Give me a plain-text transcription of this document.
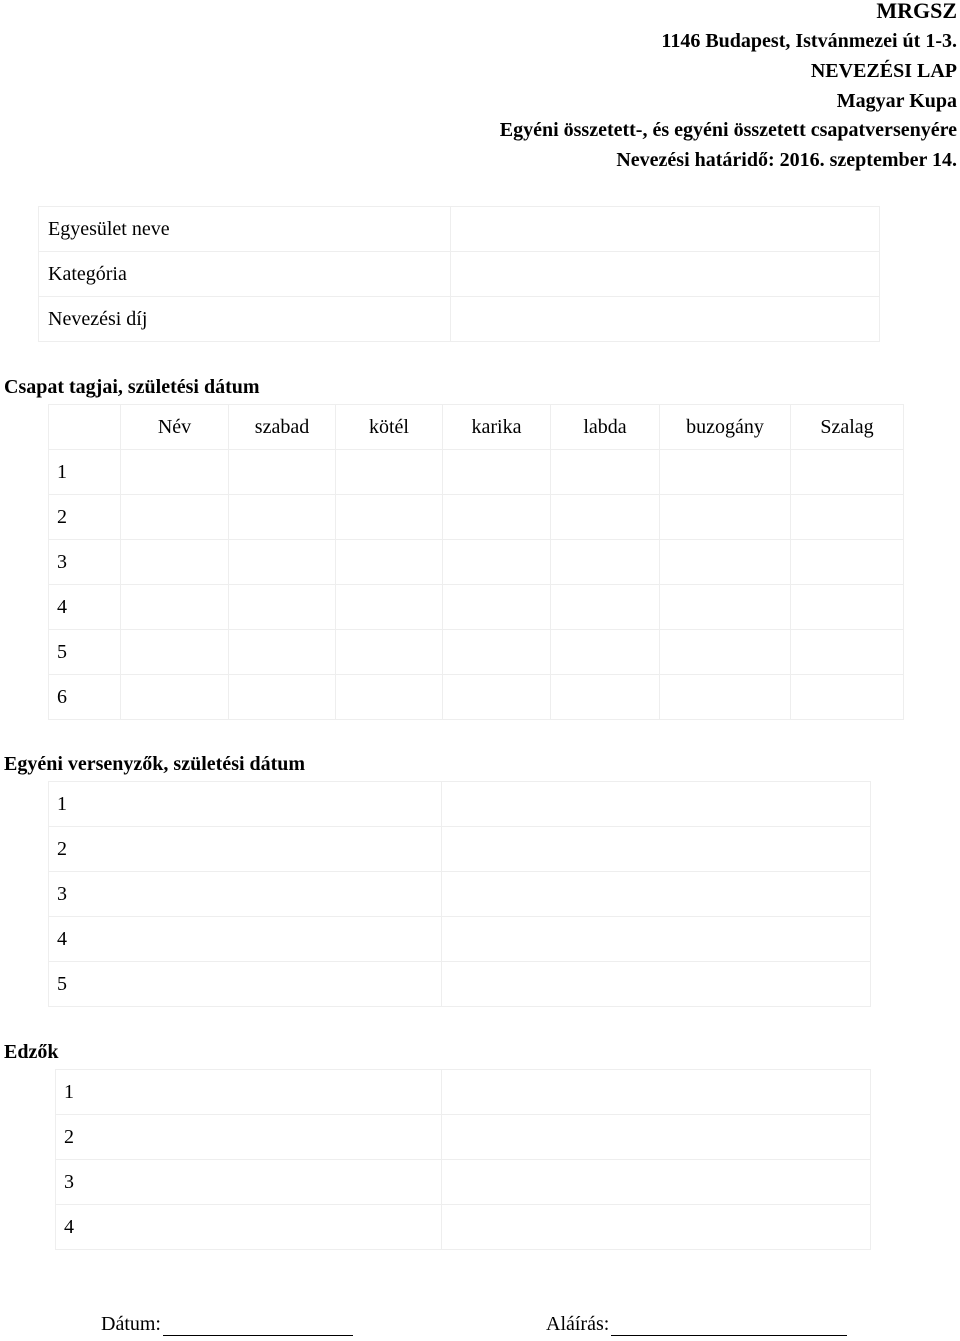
MRGSZ
1146 Budapest, Istvánmezei út 1-3.
NEVEZÉSI LAP
Magyar Kupa
Egyéni összetett-, és egyéni összetett csapatversenyére
Nevezési határidő: 2016. szeptember 14.
Egyesület neve	
Kategória	
Nevezési díj	
Csapat tagjai, születési dátum
	Név	szabad	kötél	karika	labda	buzogány	Szalag
1							
2							
3							
4							
5							
6							
Egyéni versenyzők, születési dátum
1	
2	
3	
4	
5	
Edzők
1	
2	
3	
4	
Dátum:	Aláírás:
